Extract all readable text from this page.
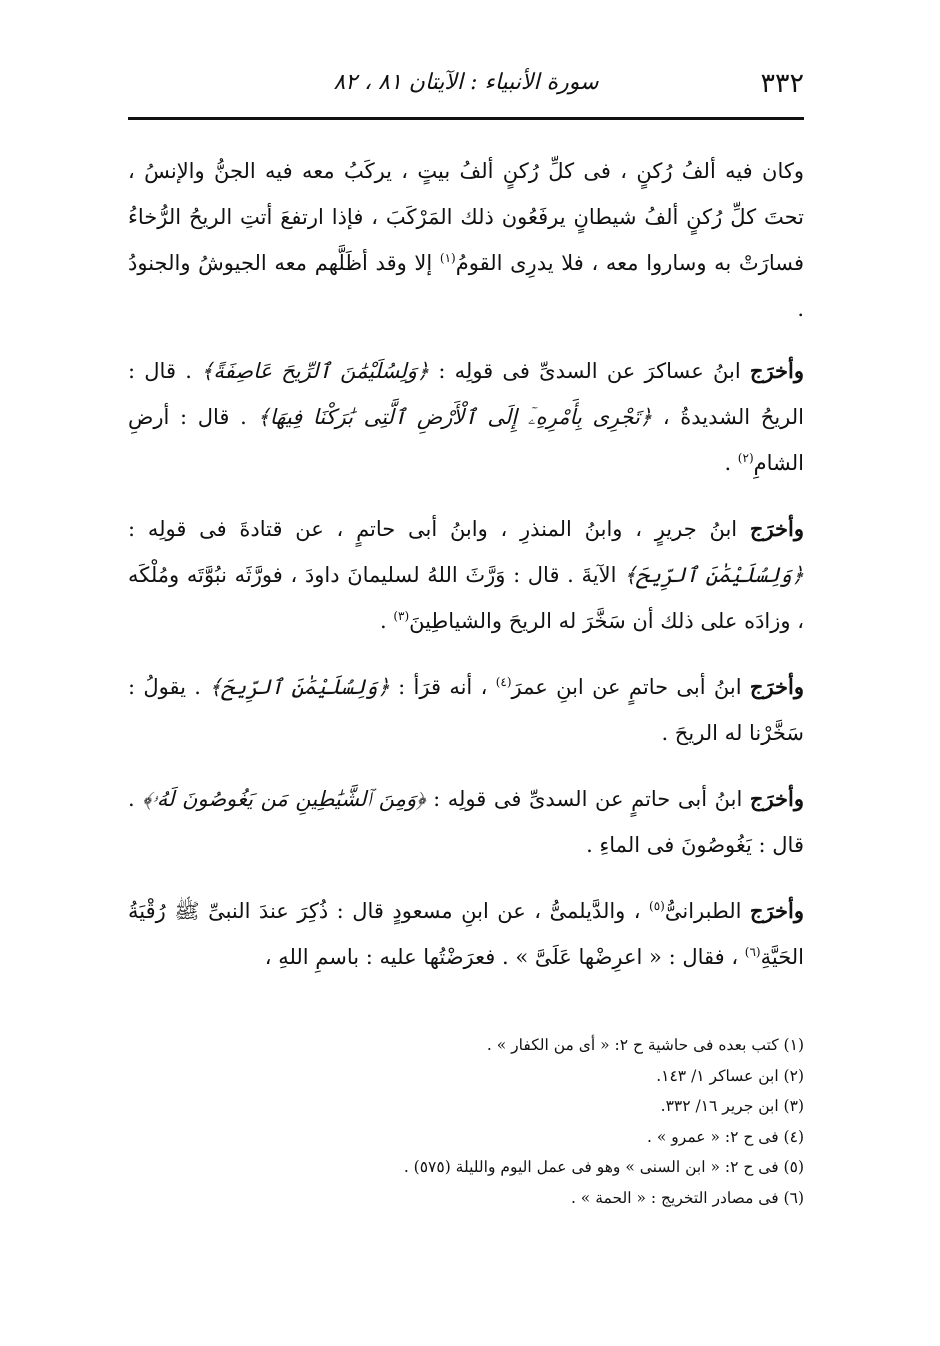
٣٣٢
سورة الأنبياء : الآيتان ٨١ ، ٨٢

وكان فيه ألفُ رُكنٍ ، فى كلِّ رُكنٍ ألفُ بيتٍ ، يركَبُ معه فيه الجنُّ والإنسُ ، تحتَ كلِّ رُكنٍ ألفُ شيطانٍ يرفَعُون ذلك المَرْكَبَ ، فإذا ارتفعَ أتتِ الريحُ الرُّخاءُ فسارَتْ به وساروا معه ، فلا يدرِى القومُ$^{(١)}$ إلا وقد أظَلَّهم معه الجيوشُ والجنودُ .

وأخرَج ابنُ عساكرَ عن السدىِّ فى قولِه : ﴿وَلِسُلَيْمَٰنَ ٱلرِّيحَ عَاصِفَةً﴾ . قال : الريحُ الشديدةُ ، ﴿تَجْرِى بِأَمْرِهِۦٓ إِلَى ٱلْأَرْضِ ٱلَّتِى بَٰرَكْنَا فِيهَا﴾ . قال : أرضِ الشامِ$^{(٢)}$ .

وأخرَج ابنُ جريرٍ ، وابنُ المنذرِ ، وابنُ أبى حاتمٍ ، عن قتادةَ فى قولِه : ﴿وَلِسُلَيْمَٰنَ ٱلرِّيحَ﴾ الآيةَ . قال : وَرَّثَ اللهُ لسليمانَ داودَ ، فورَّثَه نبُوَّتَه ومُلْكَه ، وزادَه على ذلك أن سَخَّرَ له الريحَ والشياطِينَ$^{(٣)}$ .

وأخرَج ابنُ أبى حاتمٍ عن ابنِ عمرَ$^{(٤)}$ ، أنه قرَأ : ﴿وَلِسُلَيْمَٰنَ ٱلرِّيحَ﴾ . يقولُ : سَخَّرْنا له الريحَ .

وأخرَج ابنُ أبى حاتمٍ عن السدىِّ فى قولِه : ﴿وَمِنَ ٱلشَّيَٰطِينِ مَن يَغُوصُونَ لَهُۥ﴾ . قال : يَغُوصُونَ فى الماءِ .

وأخرَج الطبرانىُّ$^{(٥)}$ ، والدَّيلمىُّ ، عن ابنِ مسعودٍ قال : ذُكِرَ عندَ النبىِّ ﷺ رُقْيَةُ الحَيَّةِ$^{(٦)}$ ، فقال : « اعرِضْها عَلَىَّ » . فعرَضْتُها عليه : باسمِ اللهِ ،

(١) كتب بعده فى حاشية ح ٢: « أى من الكفار » .
(٢) ابن عساكر ١/ ١٤٣.
(٣) ابن جرير ١٦/ ٣٣٢.
(٤) فى ح ٢: « عمرو » .
(٥) فى ح ٢: « ابن السنى » وهو فى عمل اليوم والليلة (٥٧٥) .
(٦) فى مصادر التخريج : « الحمة » .
